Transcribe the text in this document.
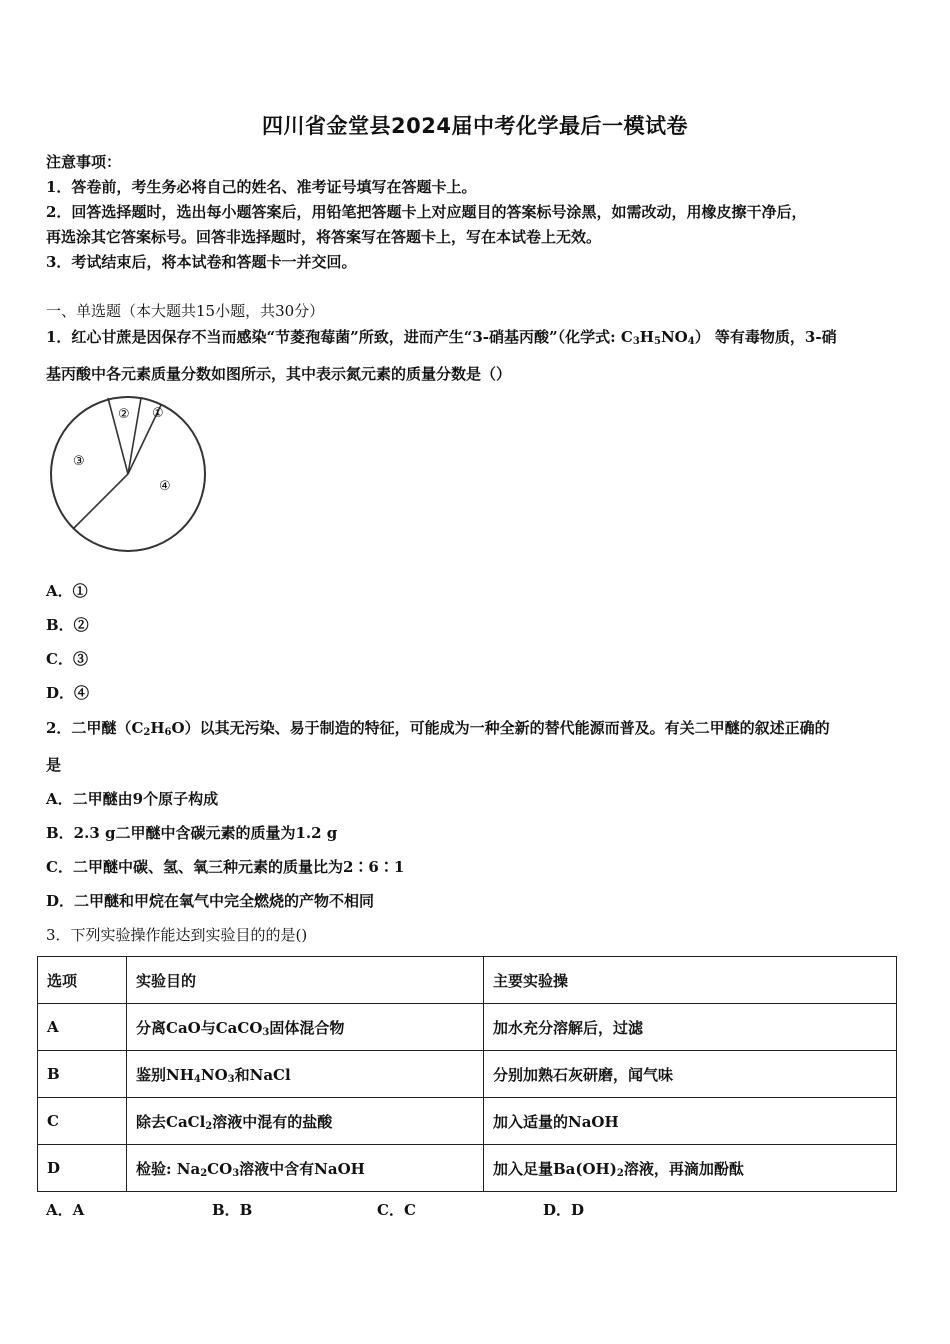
四川省金堂县2024届中考化学最后一模试卷
注意事项：
1．答卷前，考生务必将自己的姓名、准考证号填写在答题卡上。
2．回答选择题时，选出每小题答案后，用铅笔把答题卡上对应题目的答案标号涂黑，如需改动，用橡皮擦干净后，
再选涂其它答案标号。回答非选择题时，将答案写在答题卡上，写在本试卷上无效。
3．考试结束后，将本试卷和答题卡一并交回。
一、单选题（本大题共15小题，共30分）
1．红心甘蔗是因保存不当而感染“节菱孢莓菌”所致，进而产生“3-硝基丙酸”（化学式: $C_3H_5NO_4$） 等有毒物质，3-硝
基丙酸中各元素质量分数如图所示，其中表示氮元素的质量分数是（）
①
②
③
④
A．①
B．②
C．③
D．④
2．二甲醚$(C_2H_6O)$以其无污染、易于制造的特征，可能成为一种全新的替代能源而普及。有关二甲醚的叙述正确的
是
A．二甲醚由9个原子构成
B．2.3 g二甲醚中含碳元素的质量为1.2 g
C．二甲醚中碳、氢、氧三种元素的质量比为2∶6∶1
D．二甲醚和甲烷在氧气中完全燃烧的产物不相同
3．下列实验操作能达到实验目的的是()
选项	实验目的	主要实验操
A	分离CaO与CaCO$_3$固体混合物	加水充分溶解后，过滤
B	鉴别$NH_4NO_3$和NaCl	分别加熟石灰研磨，闻气味
C	除去CaCl$_2$溶液中混有的盐酸	加入适量的NaOH
D	检验: $Na_2CO_3$溶液中含有NaOH	加入足量$Ba(OH)_2$溶液，再滴加酚酞
A．A	B．B	C．C	D．D
